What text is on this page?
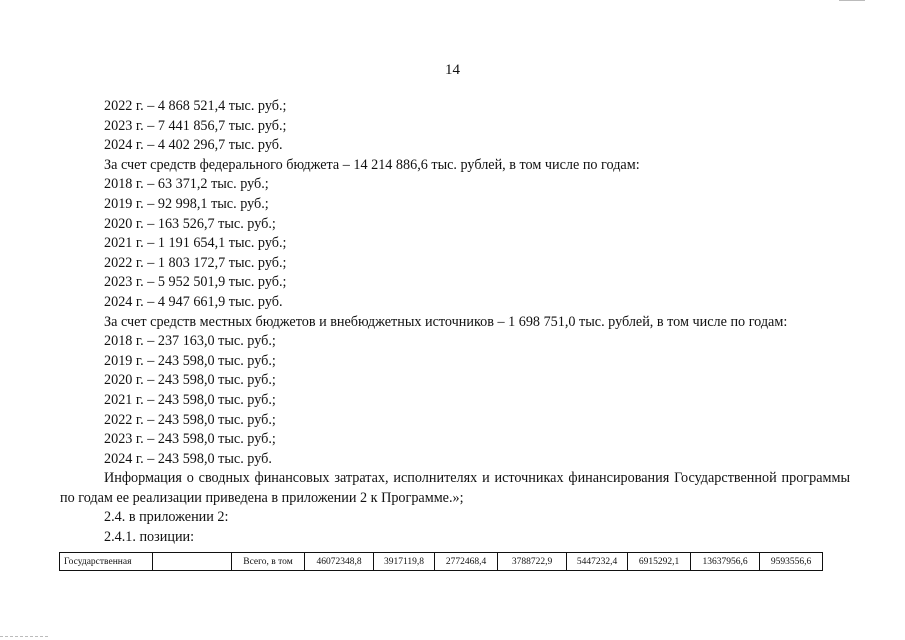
14
2022 г. – 4 868 521,4 тыс. руб.;
2023 г. – 7 441 856,7 тыс. руб.;
2024 г. – 4 402 296,7 тыс. руб.
За счет средств федерального бюджета – 14 214 886,6 тыс. рублей, в том числе по годам:
2018 г. – 63 371,2 тыс. руб.;
2019 г. – 92 998,1 тыс. руб.;
2020 г. – 163 526,7 тыс. руб.;
2021 г. – 1 191 654,1 тыс. руб.;
2022 г. – 1 803 172,7 тыс. руб.;
2023 г. – 5 952 501,9 тыс. руб.;
2024 г. – 4 947 661,9 тыс. руб.
За счет средств местных бюджетов и внебюджетных источников – 1 698 751,0 тыс. рублей, в том числе по годам:
2018 г. – 237 163,0 тыс. руб.;
2019 г. – 243 598,0 тыс. руб.;
2020 г. – 243 598,0 тыс. руб.;
2021 г. – 243 598,0 тыс. руб.;
2022 г. – 243 598,0 тыс. руб.;
2023 г. – 243 598,0 тыс. руб.;
2024 г. – 243 598,0 тыс. руб.
Информация о сводных финансовых затратах, исполнителях и источниках финансирования Государственной программы по годам ее реализации приведена в приложении 2 к Программе.»;
2.4. в приложении 2:
2.4.1. позиции:
Государственная		Всего, в том	46072348,8	3917119,8	2772468,4	3788722,9	5447232,4	6915292,1	13637956,6	9593556,6
